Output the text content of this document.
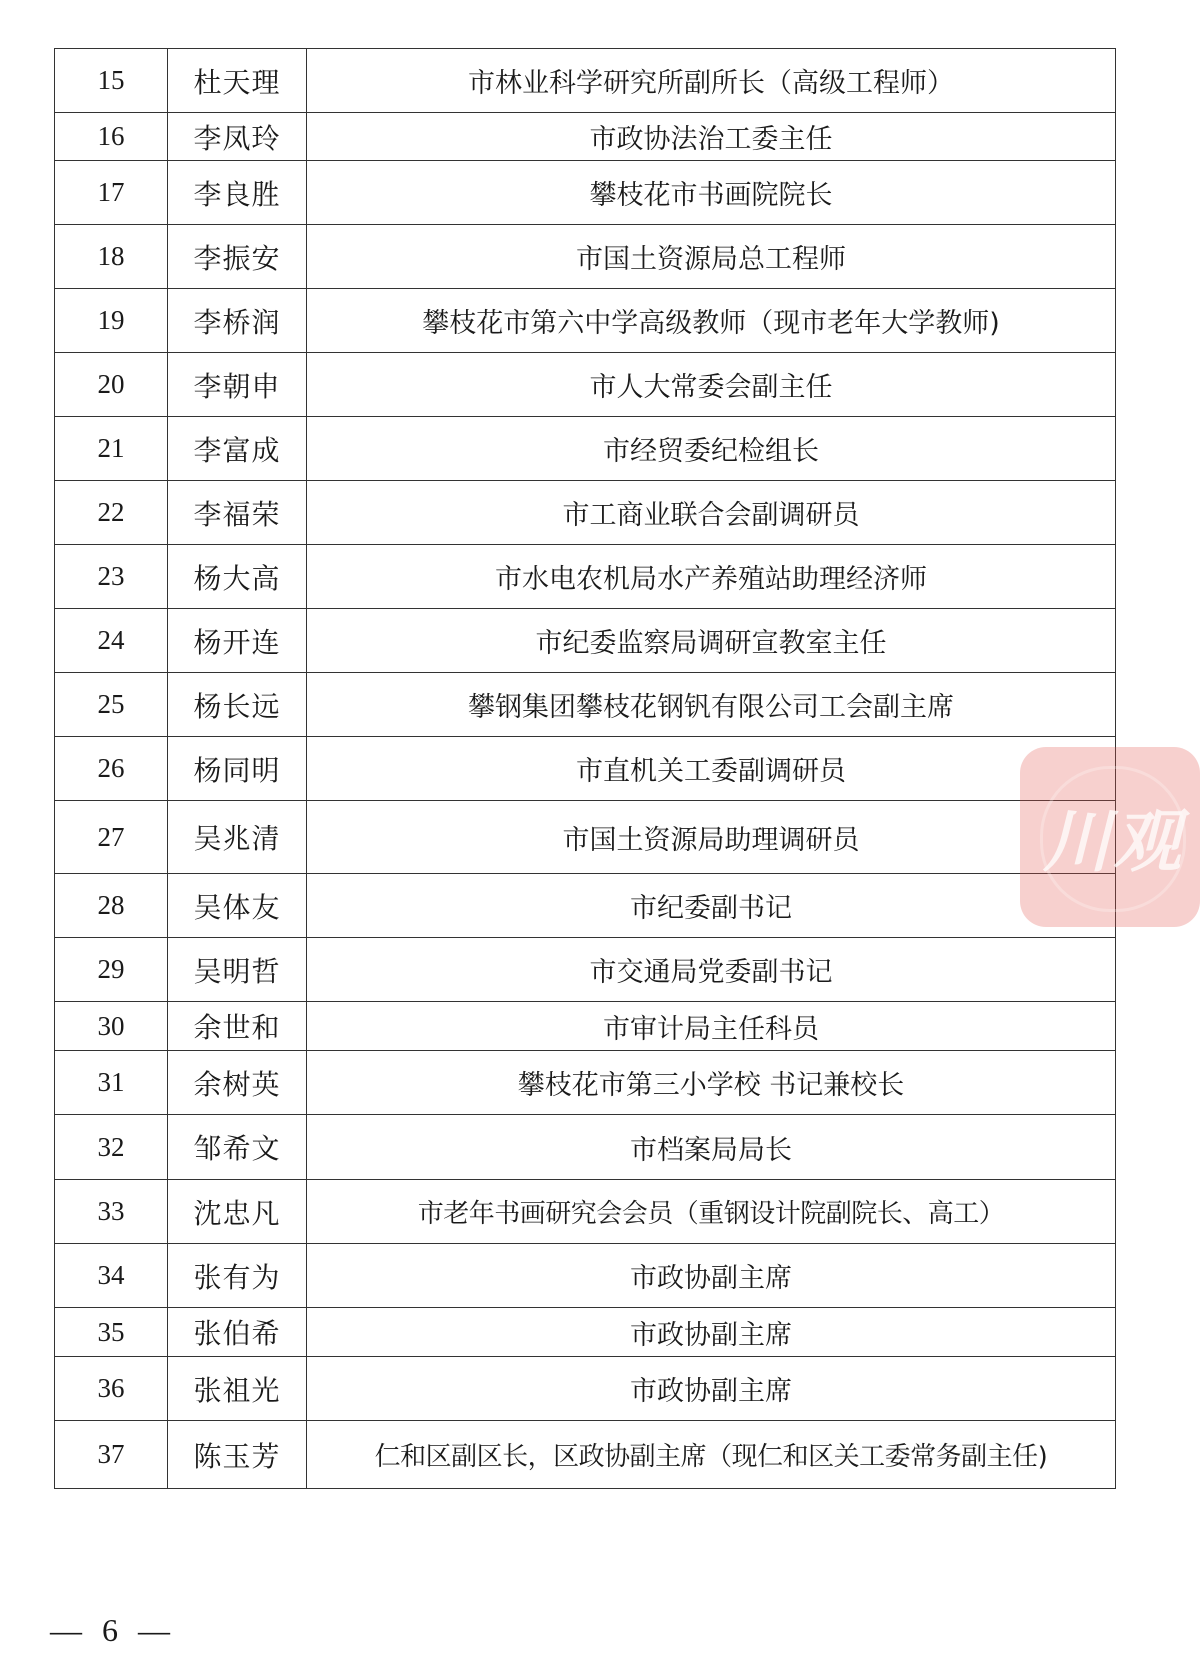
15	杜天理	市林业科学研究所副所长（高级工程师）
16	李凤玲	市政协法治工委主任
17	李良胜	攀枝花市书画院院长
18	李振安	市国土资源局总工程师
19	李桥润	攀枝花市第六中学高级教师（现市老年大学教师)
20	李朝申	市人大常委会副主任
21	李富成	市经贸委纪检组长
22	李福荣	市工商业联合会副调研员
23	杨大高	市水电农机局水产养殖站助理经济师
24	杨开连	市纪委监察局调研宣教室主任
25	杨长远	攀钢集团攀枝花钢钒有限公司工会副主席
26	杨同明	市直机关工委副调研员
27	吴兆清	市国土资源局助理调研员
28	吴体友	市纪委副书记
29	吴明哲	市交通局党委副书记
30	余世和	市审计局主任科员
31	余树英	攀枝花市第三小学校 书记兼校长
32	邹希文	市档案局局长
33	沈忠凡	市老年书画研究会会员（重钢设计院副院长、高工）
34	张有为	市政协副主席
35	张伯希	市政协副主席
36	张祖光	市政协副主席
37	陈玉芳	仁和区副区长，区政协副主席（现仁和区关工委常务副主任)
— 6 —
川观
